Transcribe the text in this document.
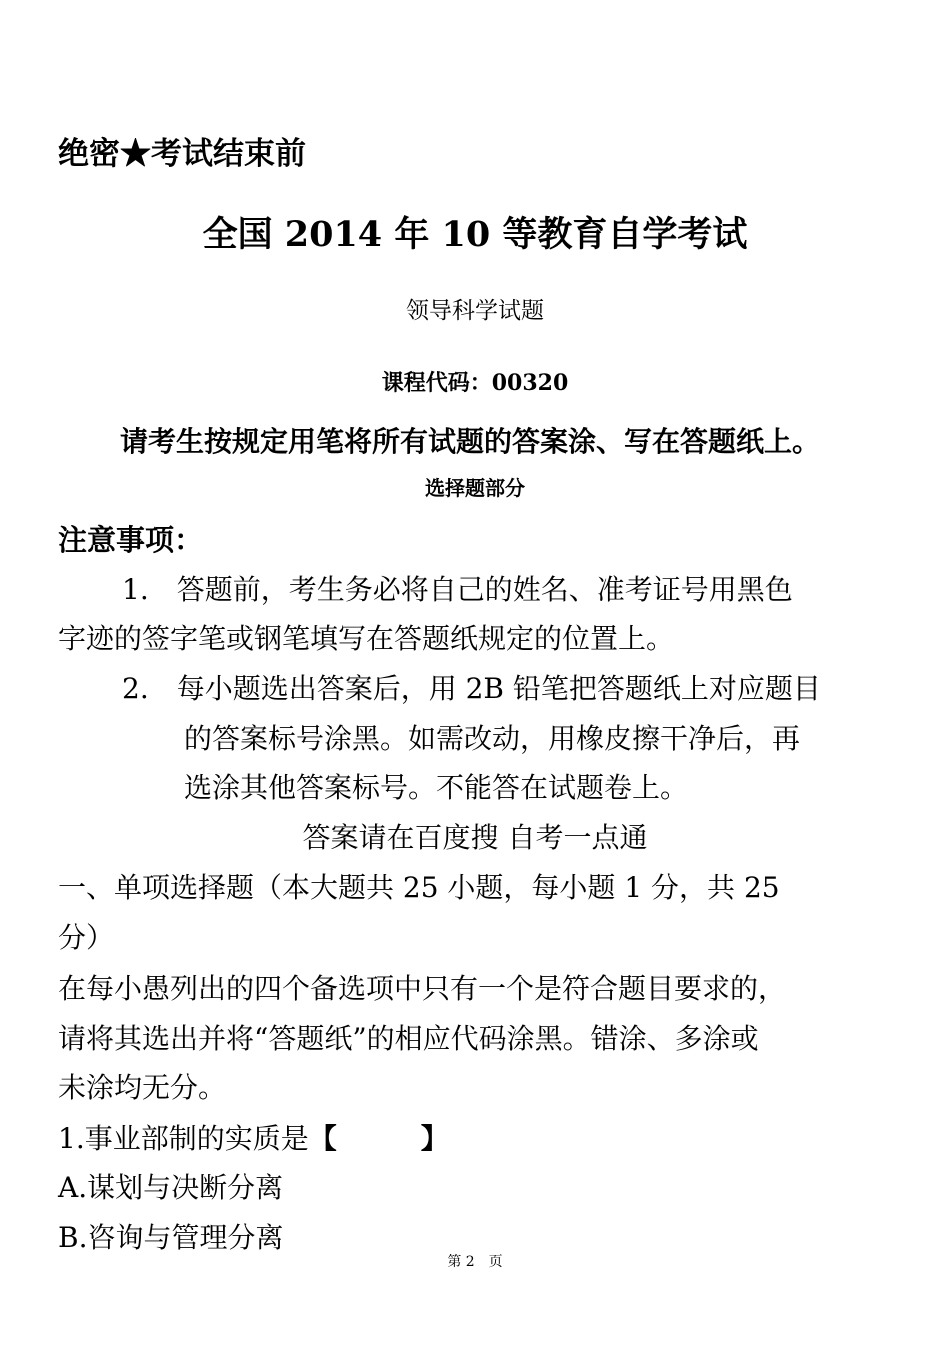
绝密★考试结束前
全国 2014 年 10 等教育自学考试
领导科学试题
课程代码：00320
请考生按规定用笔将所有试题的答案涂、写在答题纸上。
选择题部分
注意事项：
1.　答题前，考生务必将自己的姓名、准考证号用黑色
字迹的签字笔或钢笔填写在答题纸规定的位置上。
2.　每小题选出答案后，用 2B 铅笔把答题纸上对应题目
的答案标号涂黑。如需改动，用橡皮擦干净后，再
选涂其他答案标号。不能答在试题卷上。
答案请在百度搜 自考一点通
一、单项选择题（本大题共 25 小题，每小题 1 分，共 25
分）
在每小愚列出的四个备选项中只有一个是符合题目要求的，
请将其选出并将“答题纸”的相应代码涂黑。错涂、多涂或
未涂均无分。
1.事业部制的实质是【　　　】
A.谋划与决断分离
B.咨询与管理分离
第 2　页
